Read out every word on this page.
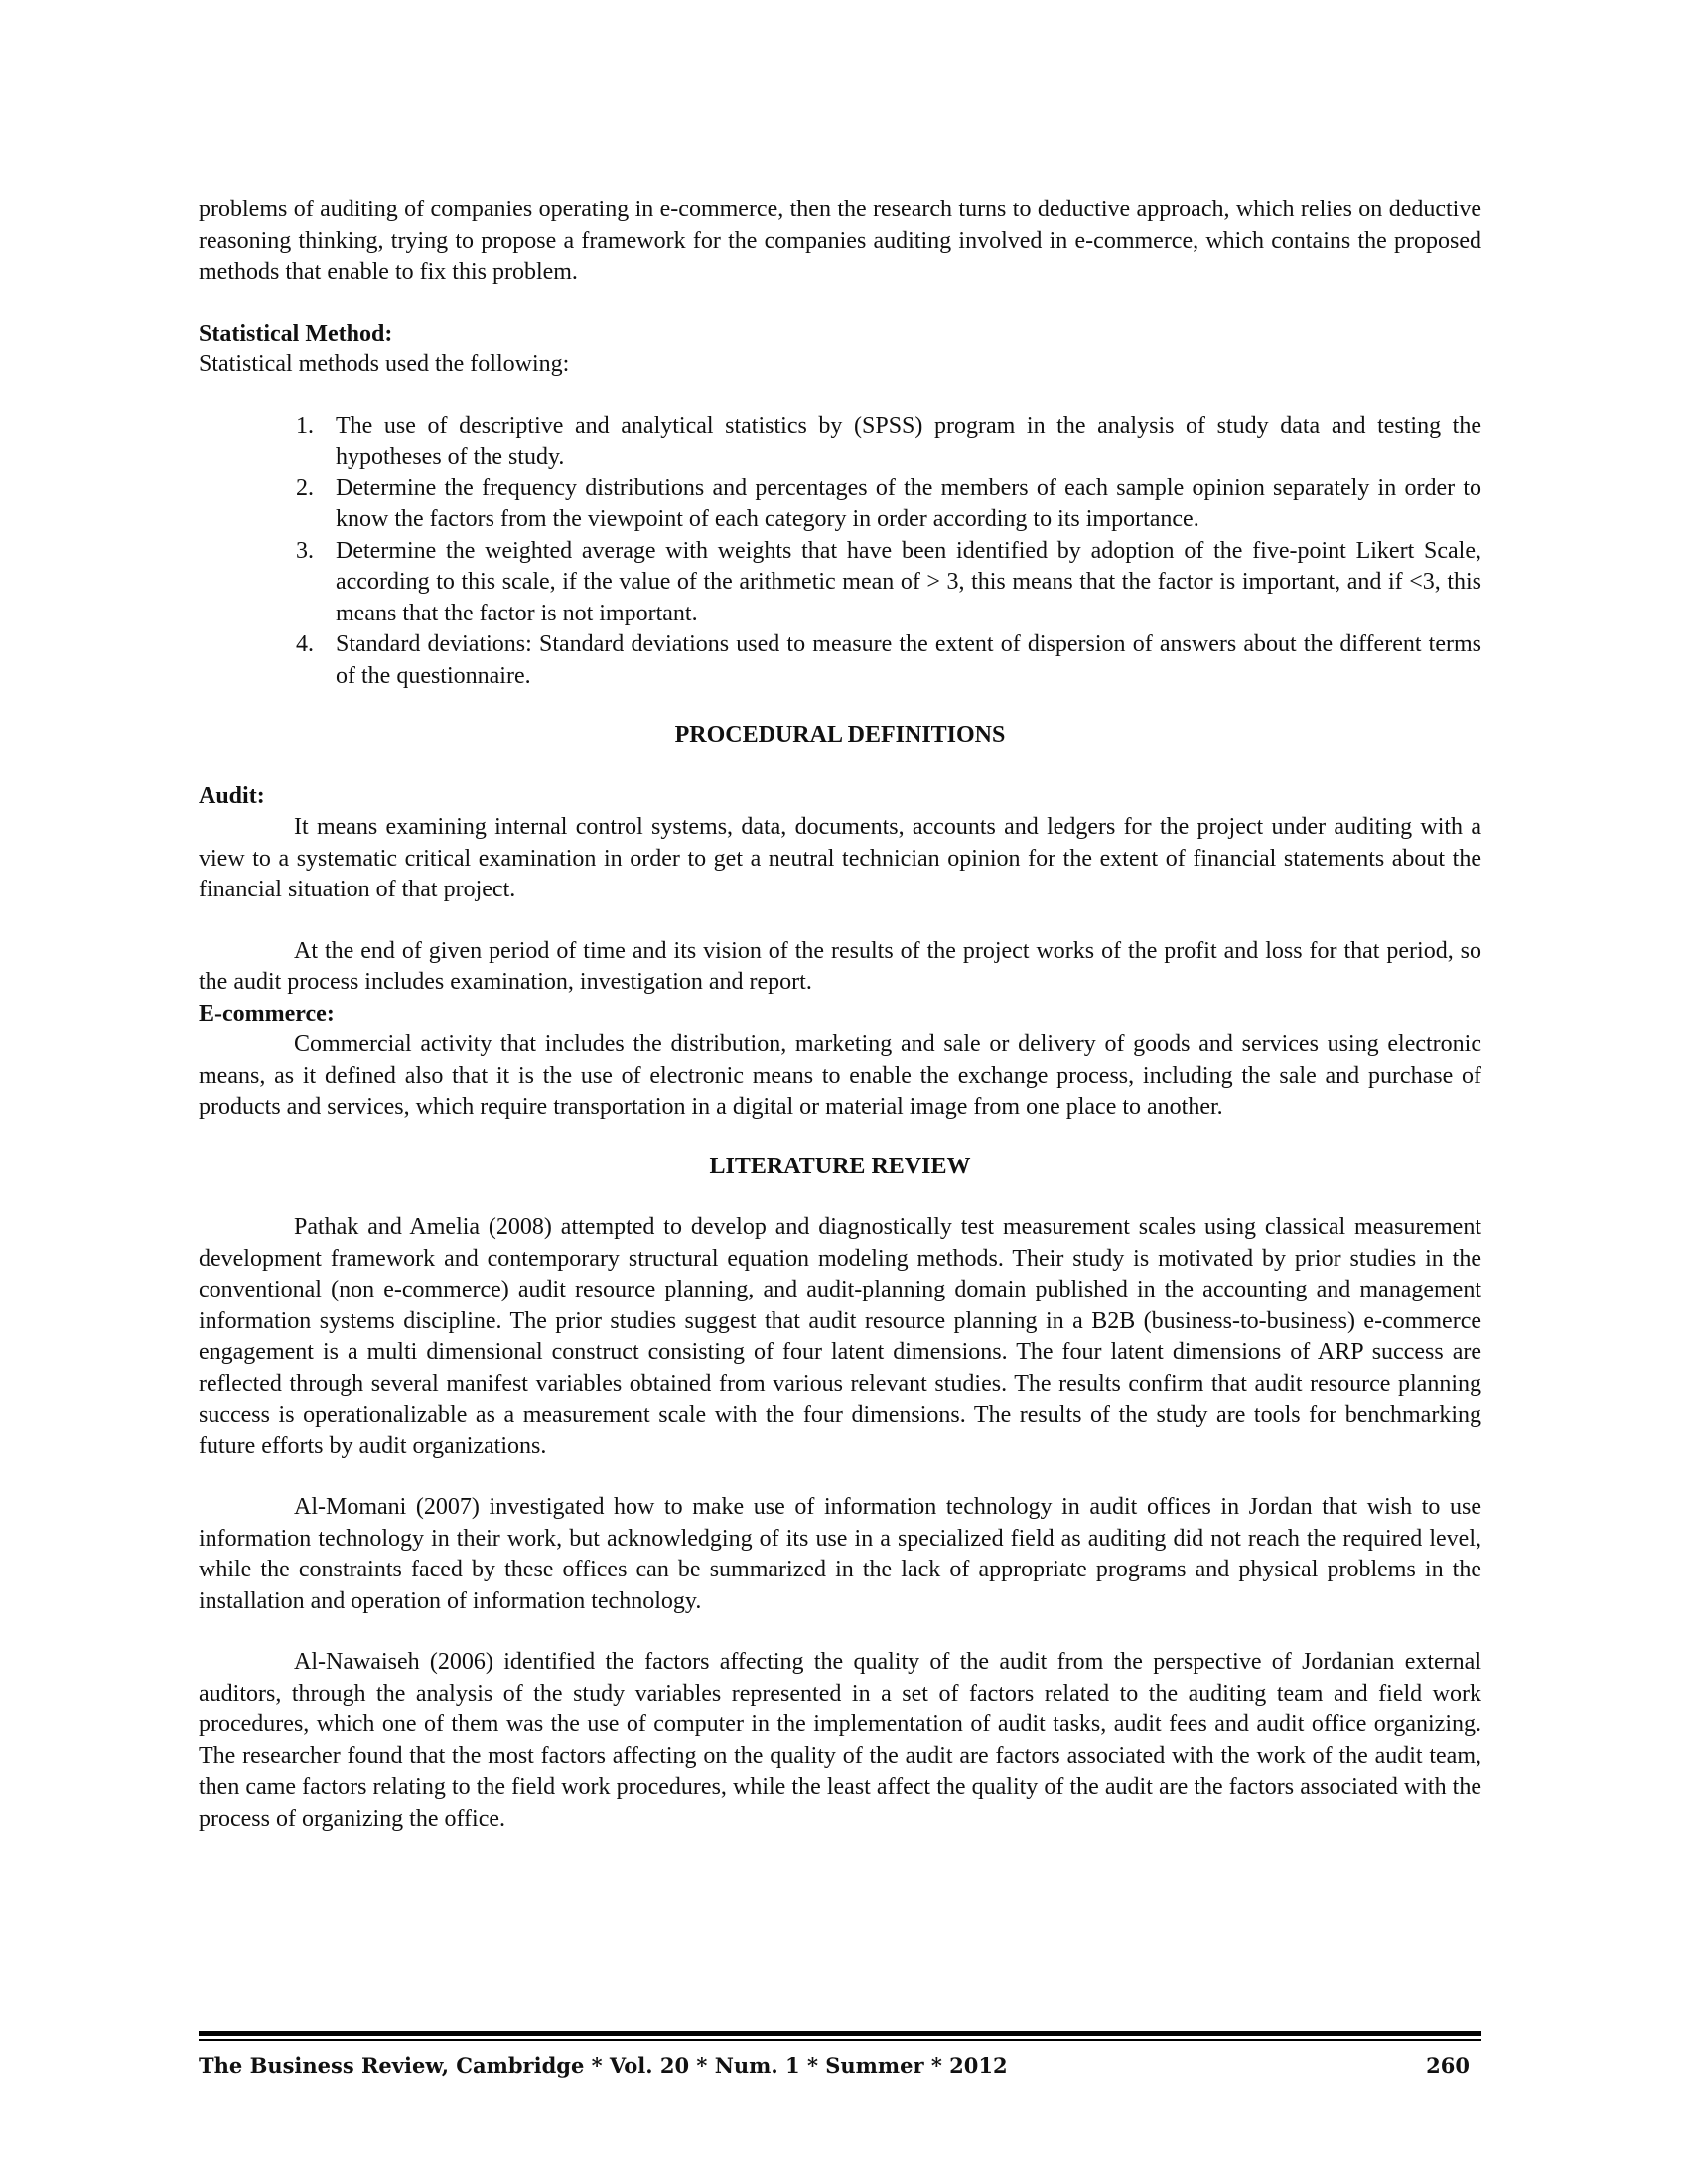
problems of auditing of companies operating in e-commerce, then the research turns to deductive approach, which relies on deductive reasoning thinking, trying to propose a framework for the companies auditing involved in e-commerce, which contains the proposed methods that enable to fix this problem.

Statistical Method:

Statistical methods used the following:

1. The use of descriptive and analytical statistics by (SPSS) program in the analysis of study data and testing the hypotheses of the study.
2. Determine the frequency distributions and percentages of the members of each sample opinion separately in order to know the factors from the viewpoint of each category in order according to its importance.
3. Determine the weighted average with weights that have been identified by adoption of the five-point Likert Scale, according to this scale, if the value of the arithmetic mean of > 3, this means that the factor is important, and if <3, this means that the factor is not important.
4. Standard deviations: Standard deviations used to measure the extent of dispersion of answers about the different terms of the questionnaire.
PROCEDURAL DEFINITIONS
Audit:

It means examining internal control systems, data, documents, accounts and ledgers for the project under auditing with a view to a systematic critical examination in order to get a neutral technician opinion for the extent of financial statements about the financial situation of that project.

At the end of given period of time and its vision of the results of the project works of the profit and loss for that period, so the audit process includes examination, investigation and report.

E-commerce:

Commercial activity that includes the distribution, marketing and sale or delivery of goods and services using electronic means, as it defined also that it is the use of electronic means to enable the exchange process, including the sale and purchase of products and services, which require transportation in a digital or material image from one place to another.

LITERATURE REVIEW

Pathak and Amelia (2008) attempted to develop and diagnostically test measurement scales using classical measurement development framework and contemporary structural equation modeling methods. Their study is motivated by prior studies in the conventional (non e-commerce) audit resource planning, and audit-planning domain published in the accounting and management information systems discipline. The prior studies suggest that audit resource planning in a B2B (business-to-business) e-commerce engagement is a multi dimensional construct consisting of four latent dimensions. The four latent dimensions of ARP success are reflected through several manifest variables obtained from various relevant studies. The results confirm that audit resource planning success is operationalizable as a measurement scale with the four dimensions. The results of the study are tools for benchmarking future efforts by audit organizations.

Al-Momani (2007) investigated how to make use of information technology in audit offices in Jordan that wish to use information technology in their work, but acknowledging of its use in a specialized field as auditing did not reach the required level, while the constraints faced by these offices can be summarized in the lack of appropriate programs and physical problems in the installation and operation of information technology.

Al-Nawaiseh (2006) identified the factors affecting the quality of the audit from the perspective of Jordanian external auditors, through the analysis of the study variables represented in a set of factors related to the auditing team and field work procedures, which one of them was the use of computer in the implementation of audit tasks, audit fees and audit office organizing. The researcher found that the most factors affecting on the quality of the audit are factors associated with the work of the audit team, then came factors relating to the field work procedures, while the least affect the quality of the audit are the factors associated with the process of organizing the office.

The Business Review, Cambridge * Vol. 20 * Num. 1 * Summer * 2012	260
